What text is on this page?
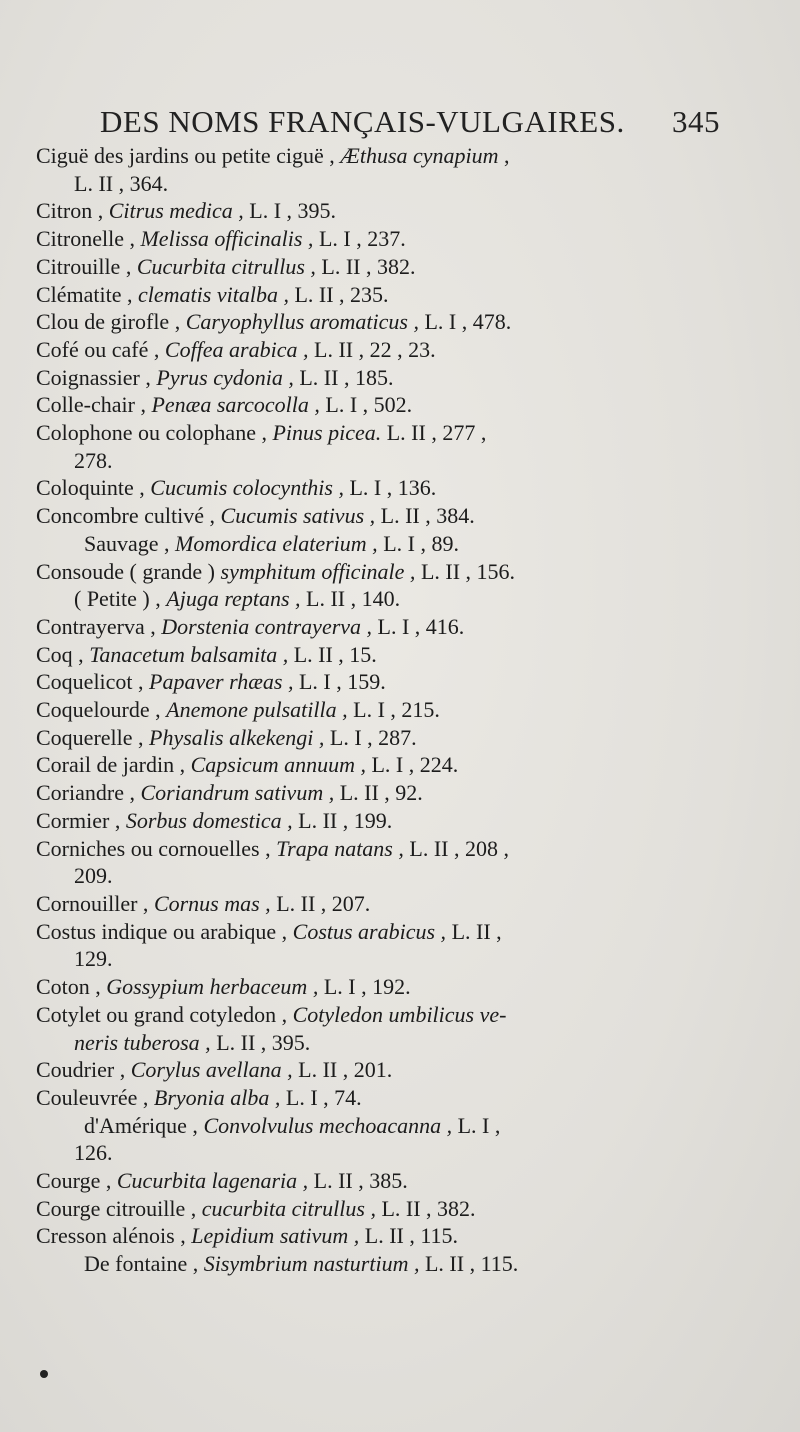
DES NOMS FRANÇAIS-VULGAIRES. 345
Ciguë des jardins ou petite ciguë , Æthusa cynapium ,
L. II , 364.
Citron , Citrus medica , L. I , 395.
Citronelle , Melissa officinalis , L. I , 237.
Citrouille , Cucurbita citrullus , L. II , 382.
Clématite , clematis vitalba , L. II , 235.
Clou de girofle , Caryophyllus aromaticus , L. I , 478.
Cofé ou café , Coffea arabica , L. II , 22 , 23.
Coignassier , Pyrus cydonia , L. II , 185.
Colle-chair , Penæa sarcocolla , L. I , 502.
Colophone ou colophane , Pinus picea. L. II , 277 ,
278.
Coloquinte , Cucumis colocynthis , L. I , 136.
Concombre cultivé , Cucumis sativus , L. II , 384.
Sauvage , Momordica elaterium , L. I , 89.
Consoude ( grande ) symphitum officinale , L. II , 156.
( Petite ) , Ajuga reptans , L. II , 140.
Contrayerva , Dorstenia contrayerva , L. I , 416.
Coq , Tanacetum balsamita , L. II , 15.
Coquelicot , Papaver rhæas , L. I , 159.
Coquelourde , Anemone pulsatilla , L. I , 215.
Coquerelle , Physalis alkekengi , L. I , 287.
Corail de jardin , Capsicum annuum , L. I , 224.
Coriandre , Coriandrum sativum , L. II , 92.
Cormier , Sorbus domestica , L. II , 199.
Corniches ou cornouelles , Trapa natans , L. II , 208 ,
209.
Cornouiller , Cornus mas , L. II , 207.
Costus indique ou arabique , Costus arabicus , L. II ,
129.
Coton , Gossypium herbaceum , L. I , 192.
Cotylet ou grand cotyledon , Cotyledon umbilicus ve-
neris tuberosa , L. II , 395.
Coudrier , Corylus avellana , L. II , 201.
Couleuvrée , Bryonia alba , L. I , 74.
d'Amérique , Convolvulus mechoacanna , L. I ,
126.
Courge , Cucurbita lagenaria , L. II , 385.
Courge citrouille , cucurbita citrullus , L. II , 382.
Cresson alénois , Lepidium sativum , L. II , 115.
De fontaine , Sisymbrium nasturtium , L. II , 115.
